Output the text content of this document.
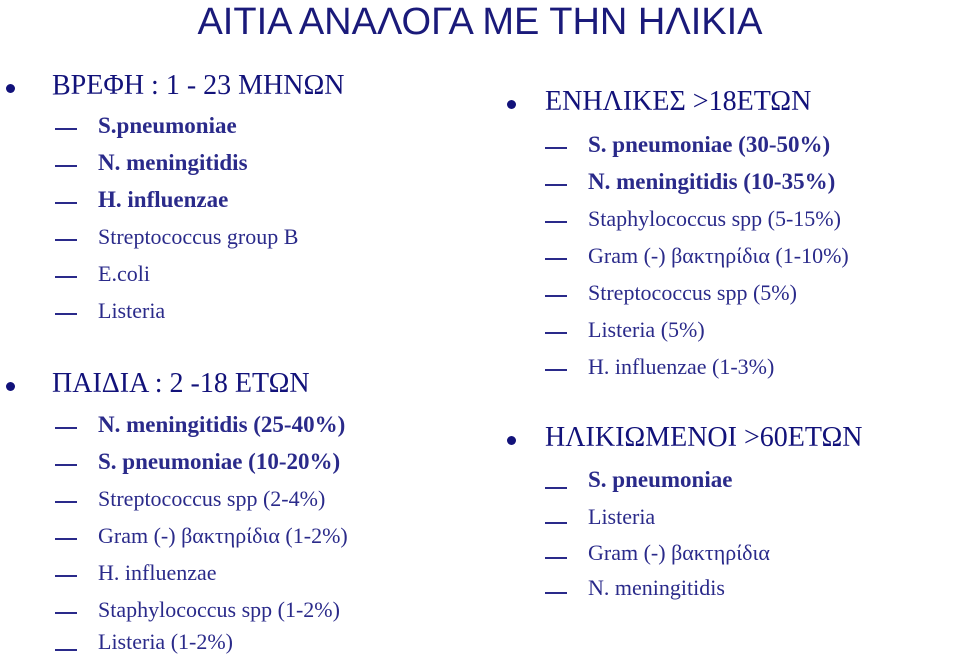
ΑΙΤΙΑ ΑΝΑΛΟΓΑ ΜΕ ΤΗΝ ΗΛΙΚΙΑ
ΒΡΕΦΗ : 1 - 23 ΜΗΝΩΝ
S.pneumoniae
N. meningitidis
H. influenzae
Streptococcus group B
E.coli
Listeria
ΠΑΙΔΙΑ : 2 -18 ΕΤΩΝ
N. meningitidis (25-40%)
S. pneumoniae (10-20%)
Streptococcus spp (2-4%)
Gram (-) βακτηρίδια (1-2%)
H. influenzae
Staphylococcus spp (1-2%)
Listeria (1-2%)
ΕΝΗΛΙΚΕΣ >18ΕΤΩΝ
S. pneumoniae (30-50%)
N. meningitidis (10-35%)
Staphylococcus spp (5-15%)
Gram (-) βακτηρίδια (1-10%)
Streptococcus spp (5%)
Listeria (5%)
H. influenzae (1-3%)
ΗΛΙΚΙΩΜΕΝΟΙ >60ΕΤΩΝ
S. pneumoniae
Listeria
Gram (-) βακτηρίδια
N. meningitidis
